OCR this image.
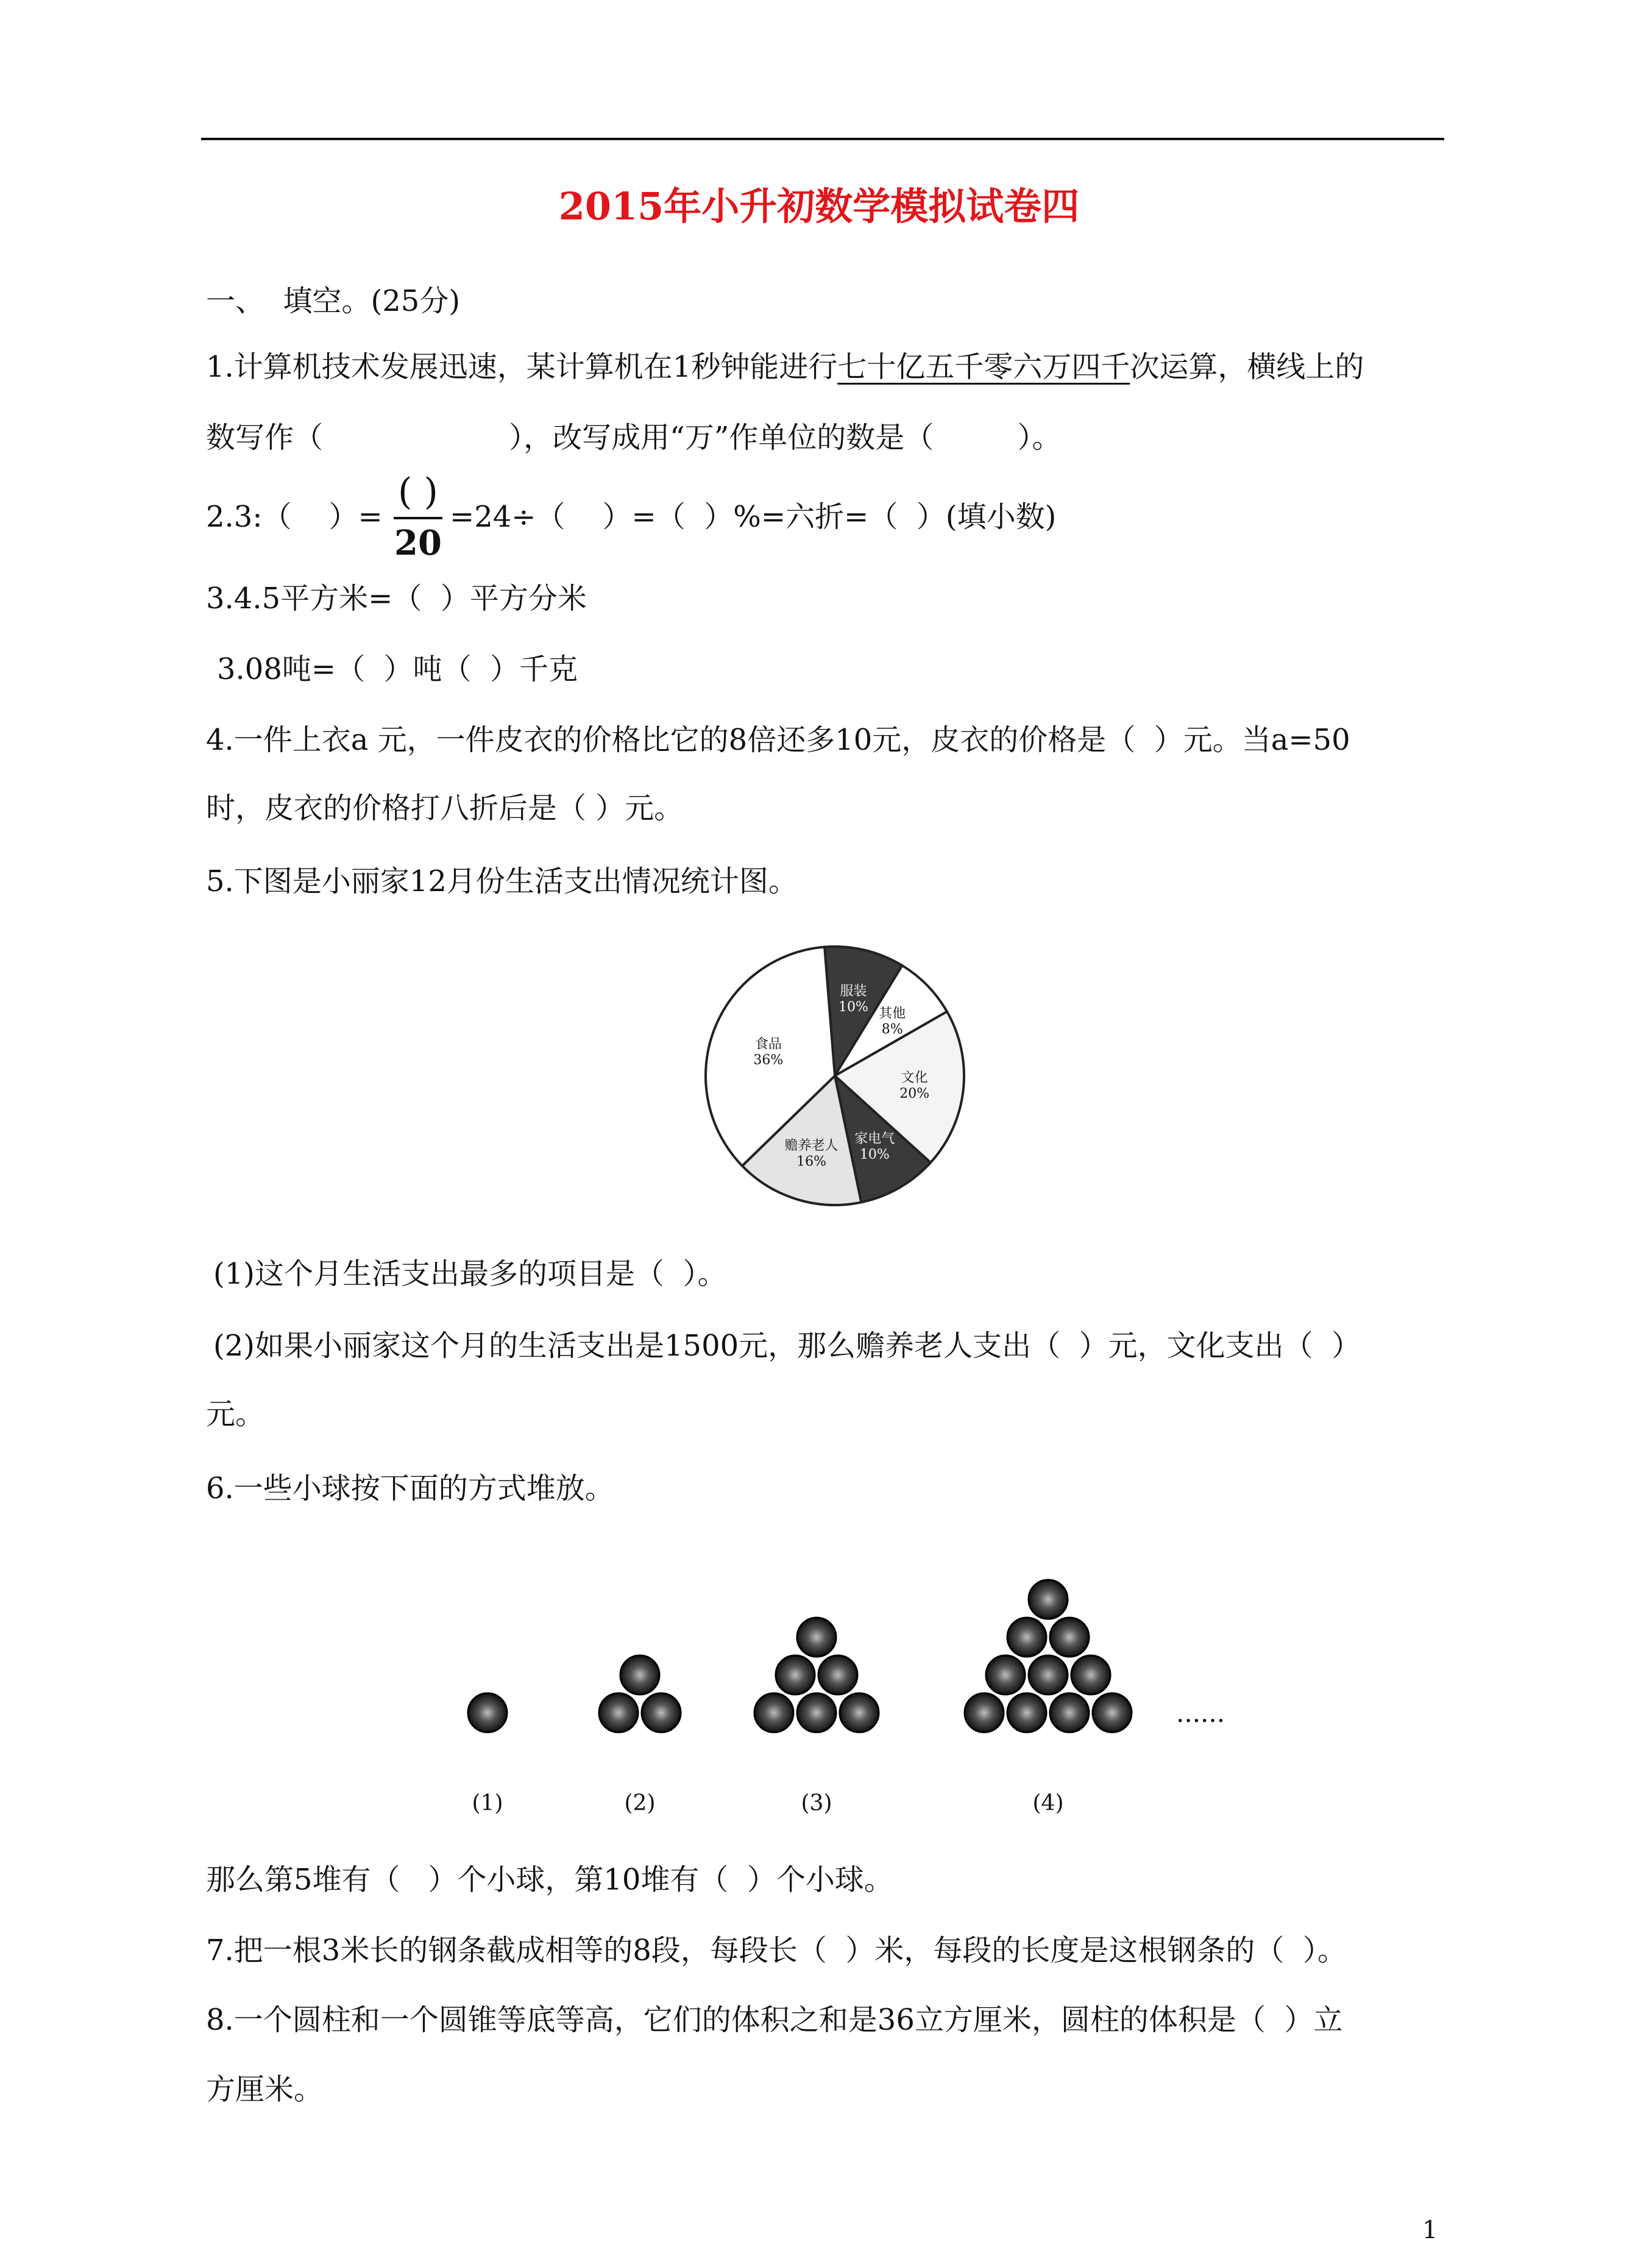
2015年小升初数学模拟试卷四
一、  填空。(25分)
1.计算机技术发展迅速，某计算机在1秒钟能进行七十亿五千零六万四千次运算，横线上的
数写作（                    ），改写成用“万”作单位的数是（         ）。
2.3:（    ）=
( )
20
=24÷（    ）=（  ）%=六折=（  ）(填小数)
3.4.5平方米=（  ）平方分米
3.08吨=（  ）吨（  ）千克
4.一件上衣a 元，一件皮衣的价格比它的8倍还多10元，皮衣的价格是（  ）元。当a=50
时，皮衣的价格打八折后是（ ）元。
5.下图是小丽家12月份生活支出情况统计图。
服装
10% 其他
8%
文化
20%
家电气
10%
赡养老人
16%
食品
36%
(1)这个月生活支出最多的项目是（  ）。
(2)如果小丽家这个月的生活支出是1500元，那么赡养老人支出（  ）元，文化支出（  ）
元。
6.一些小球按下面的方式堆放。
(1)	(2)	(3)	(4)
......
那么第5堆有（   ）个小球，第10堆有（  ）个小球。
7.把一根3米长的钢条截成相等的8段，每段长（  ）米，每段的长度是这根钢条的（  ）。
8.一个圆柱和一个圆锥等底等高，它们的体积之和是36立方厘米，圆柱的体积是（  ）立
方厘米。
1
